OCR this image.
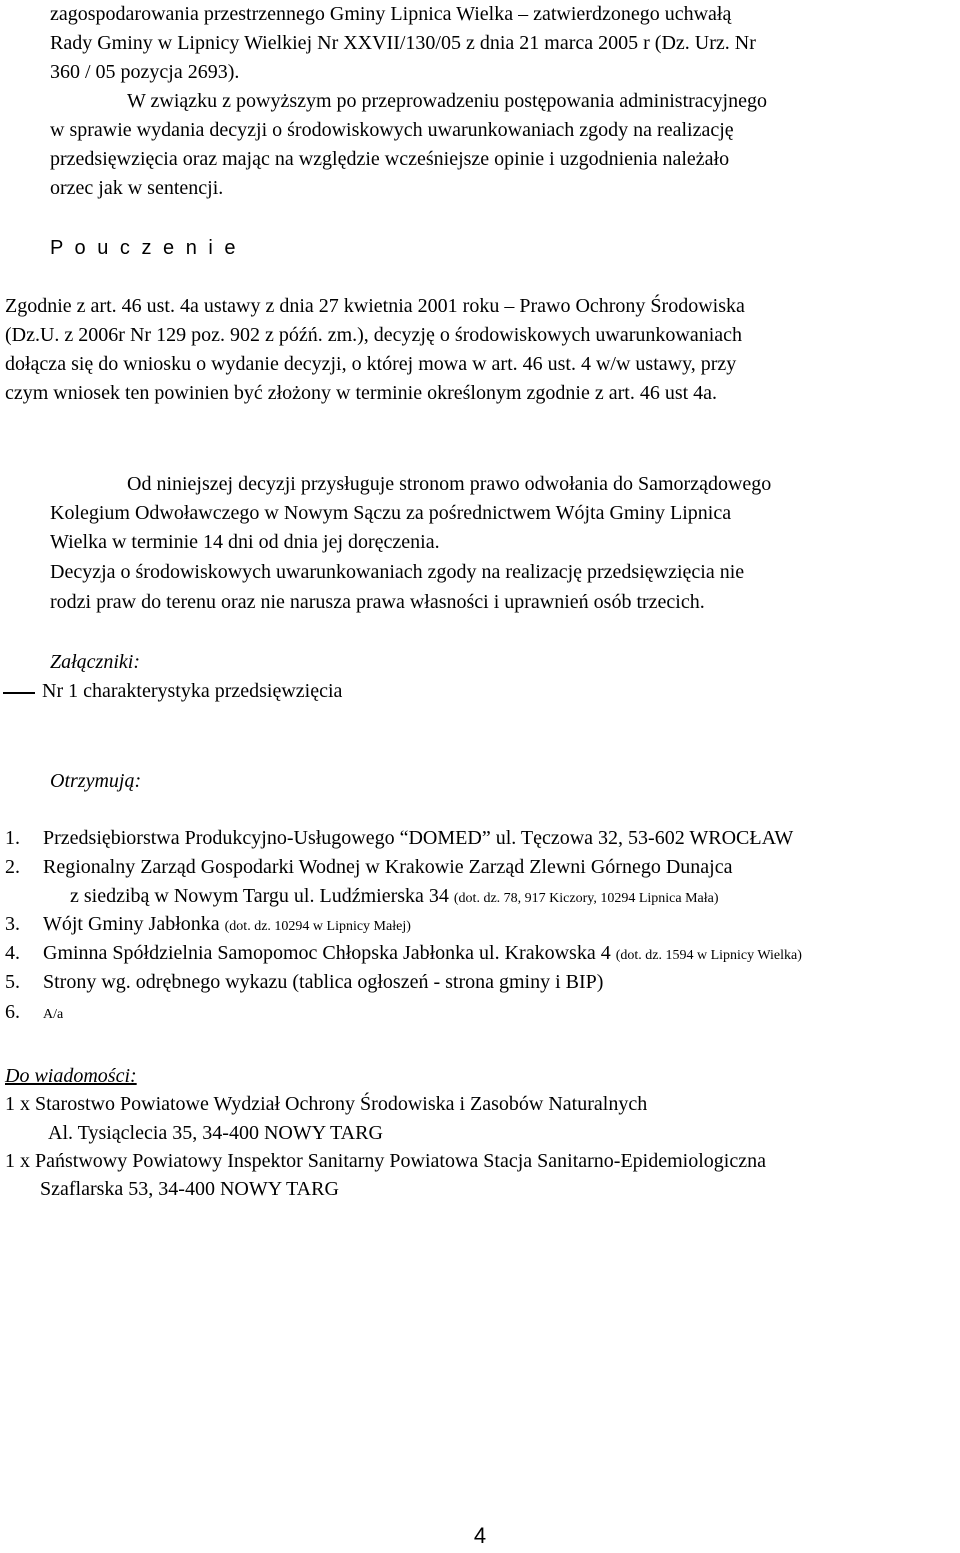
zagospodarowania przestrzennego Gminy Lipnica Wielka – zatwierdzonego uchwałą
Rady Gminy w Lipnicy Wielkiej Nr XXVII/130/05 z dnia 21 marca 2005 r (Dz. Urz. Nr
360 / 05 pozycja 2693).
W związku z powyższym po przeprowadzeniu postępowania administracyjnego
w sprawie wydania decyzji o środowiskowych uwarunkowaniach zgody na realizację
przedsięwzięcia oraz mając na względzie wcześniejsze opinie i uzgodnienia należało
orzec jak w sentencji.
P o u c z e n i e
Zgodnie z art. 46 ust. 4a ustawy z dnia 27 kwietnia 2001 roku – Prawo Ochrony Środowiska
(Dz.U. z 2006r Nr 129 poz. 902 z późń. zm.), decyzję o środowiskowych uwarunkowaniach
dołącza się do wniosku o wydanie decyzji, o której mowa w art. 46 ust. 4 w/w ustawy, przy
czym wniosek ten powinien być złożony w terminie określonym zgodnie z art. 46 ust 4a.
Od niniejszej decyzji przysługuje stronom prawo odwołania do Samorządowego
Kolegium Odwoławczego w Nowym Sączu za pośrednictwem Wójta Gminy Lipnica
Wielka w terminie 14 dni od dnia jej doręczenia.
Decyzja o środowiskowych uwarunkowaniach zgody na realizację przedsięwzięcia nie
rodzi praw do terenu oraz nie narusza prawa własności i uprawnień osób trzecich.
Załączniki:
Nr 1 charakterystyka przedsięwzięcia
Otrzymują:
1. Przedsiębiorstwa Produkcyjno-Usługowego “DOMED” ul. Tęczowa 32, 53-602 WROCŁAW
2. Regionalny Zarząd Gospodarki Wodnej w Krakowie Zarząd Zlewni Górnego Dunajca
z siedzibą w Nowym Targu ul. Ludźmierska 34 (dot. dz. 78, 917 Kiczory, 10294 Lipnica Mała)
3. Wójt Gminy Jabłonka (dot. dz. 10294 w Lipnicy Małej)
4. Gminna Spółdzielnia Samopomoc Chłopska Jabłonka ul. Krakowska 4 (dot. dz. 1594 w Lipnicy Wielka)
5. Strony wg. odrębnego wykazu (tablica ogłoszeń - strona gminy i BIP)
6. A/a
Do wiadomości:
1 x Starostwo Powiatowe Wydział Ochrony Środowiska i Zasobów Naturalnych
Al. Tysiąclecia 35, 34-400 NOWY TARG
1 x Państwowy Powiatowy Inspektor Sanitarny Powiatowa Stacja Sanitarno-Epidemiologiczna
Szaflarska 53, 34-400 NOWY TARG
4
